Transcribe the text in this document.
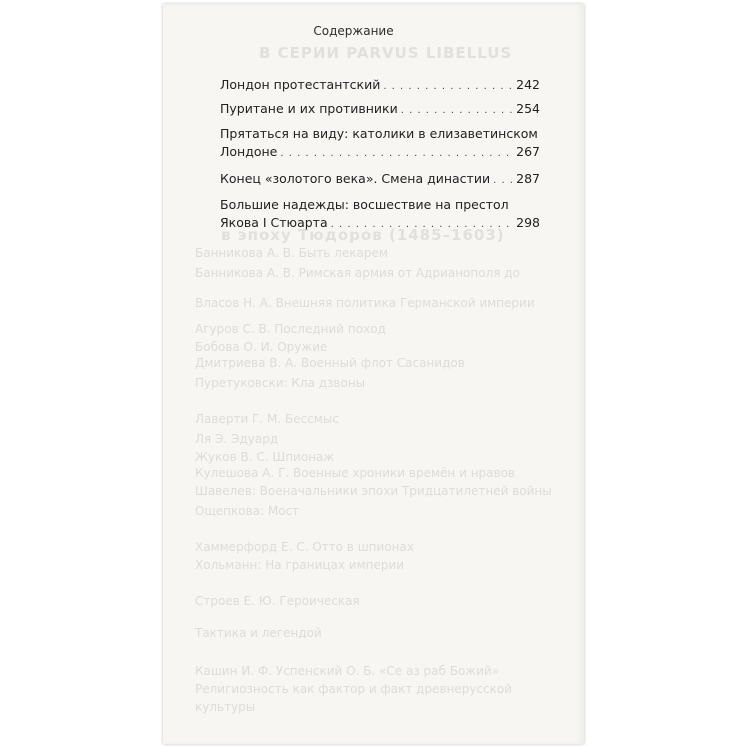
В СЕРИИ PARVUS LIBELLUS
в эпоху Тюдоров (1485–1603)
Банникова А. В. Быть лекарем
Банникова А. В. Римская армия от Адрианополя до
Власов Н. А. Внешняя политика Германской империи
Агуров С. В. Последний поход
Бобова О. И. Оружие
Дмитриева В. А. Военный флот Сасанидов
Пуретуковски: Кла дзвоны
Лаверти Г. М. Бессмыс
Ля Э. Эдуард
Жуков В. С. Шпионаж
Кулешова А. Г. Военные хроники времён и нравов
Шавелев: Военачальники эпохи Тридцатилетней войны
Ощепкова: Мост
Хаммерфорд Е. С. Отто в шпионах
Хольманн: На границах империи
Строев Е. Ю. Героическая
Тактика и легендой
Кашин И. Ф. Успенский О. Б. «Се аз раб Божий»
Религиозность как фактор и факт древнерусской
культуры
Содержание
Лондон протестантский . . .	242
Пуритане и их противники . . .	254
Прятаться на виду: католики в елизаветинском
Лондоне . . .	267
Конец «золотого века». Смена династии . . . 287
Большие надежды: восшествие на престол
Якова I Стюарта . . .	298
